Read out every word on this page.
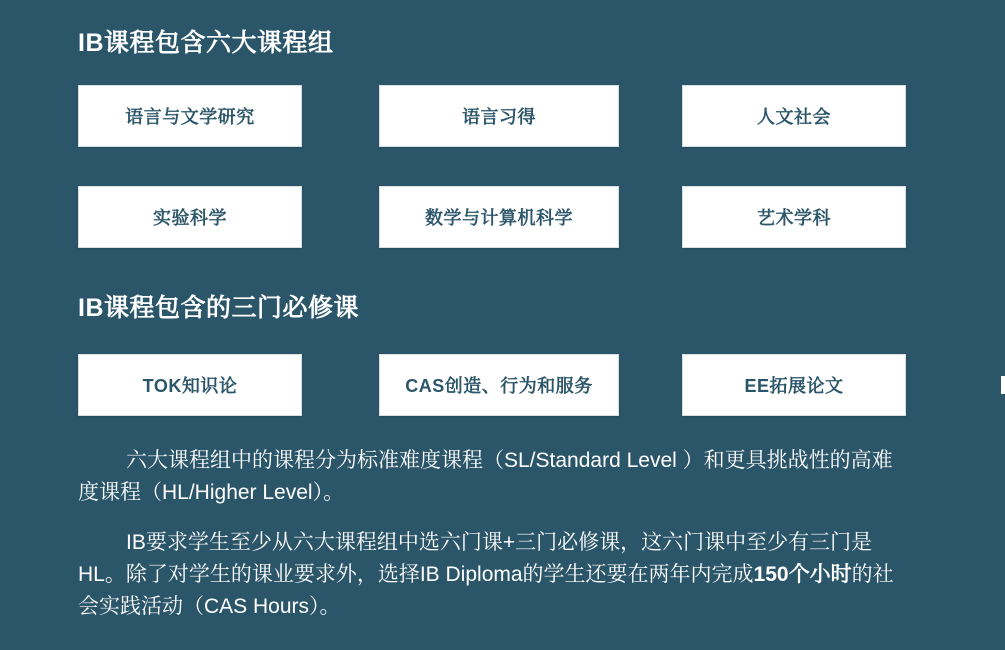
IB课程包含六大课程组
语言与文学研究	语言习得	人文社会
实验科学	数学与计算机科学	艺术学科
IB课程包含的三门必修课
TOK知识论	CAS创造、行为和服务	EE拓展论文
六大课程组中的课程分为标准难度课程（SL/Standard Level ）和更具挑战性的高难度课程（HL/Higher Level）。
IB要求学生至少从六大课程组中选六门课+三门必修课，这六门课中至少有三门是HL。除了对学生的课业要求外，选择IB Diploma的学生还要在两年内完成150个小时的社会实践活动（CAS Hours）。
